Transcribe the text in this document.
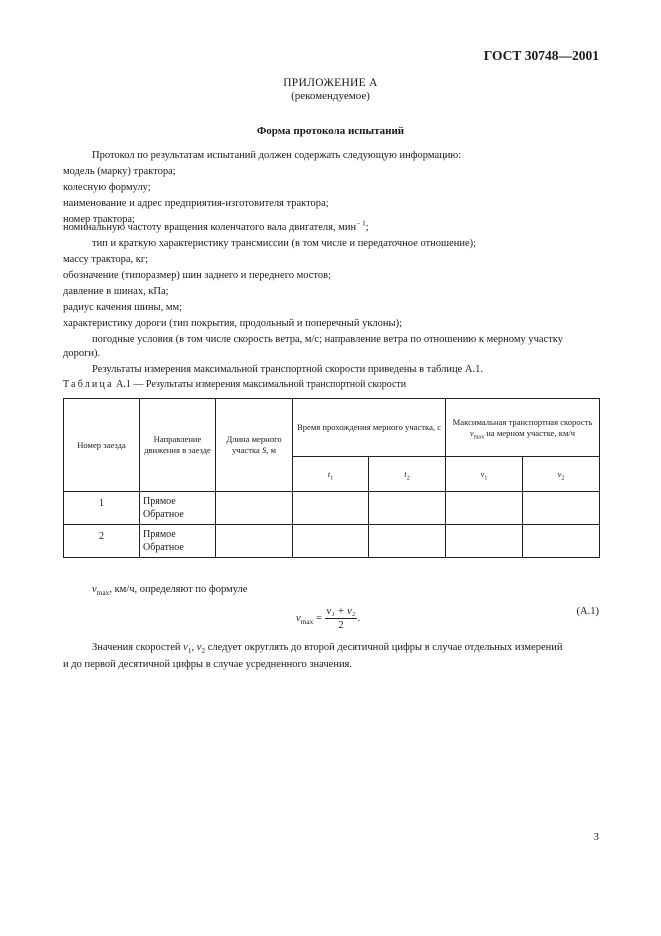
ГОСТ 30748—2001
ПРИЛОЖЕНИЕ А
(рекомендуемое)
Форма протокола испытаний
Протокол по результатам испытаний должен содержать следующую информацию:
модель (марку) трактора;
колесную формулу;
наименование и адрес предприятия-изготовителя трактора;
номер трактора;
номинальную частоту вращения коленчатого вала двигателя, мин$^{- 1}$;
тип и краткую характеристику трансмиссии (в том числе и передаточное отношение);
массу трактора, кг;
обозначение (типоразмер) шин заднего и переднего мостов;
давление в шинах, кПа;
радиус качения шины, мм;
характеристику дороги (тип покрытия, продольный и поперечный уклоны);
погодные условия (в том числе скорость ветра, м/с; направление ветра по отношению к мерному участку
дороги).
Результаты измерения максимальной транспортной скорости приведены в таблице А.1.
Таблица А.1 — Результаты измерения максимальной транспортной скорости
Номер заезда	Направление движения в заезде	Длина мерного участка S, м	Время прохождения мерного участка, с		Максимальная транспортная скорость $v_{max}$ на мерном участке, км/ч	
			$t_1$	$t_2$	$v_1$	$v_2$
1	Прямое
Обратное					

2	Прямое
Обратное					

$v_{max}$, км/ч, определяют по формуле
$v_{max} = \frac{\text{v₁ + v₂}}{2}$ .
(А.1)
Значения скоростей $v_1$, $v_2$ следует округлять до второй десятичной цифры в случае отдельных измерений
и до первой десятичной цифры в случае усредненного значения.
3
